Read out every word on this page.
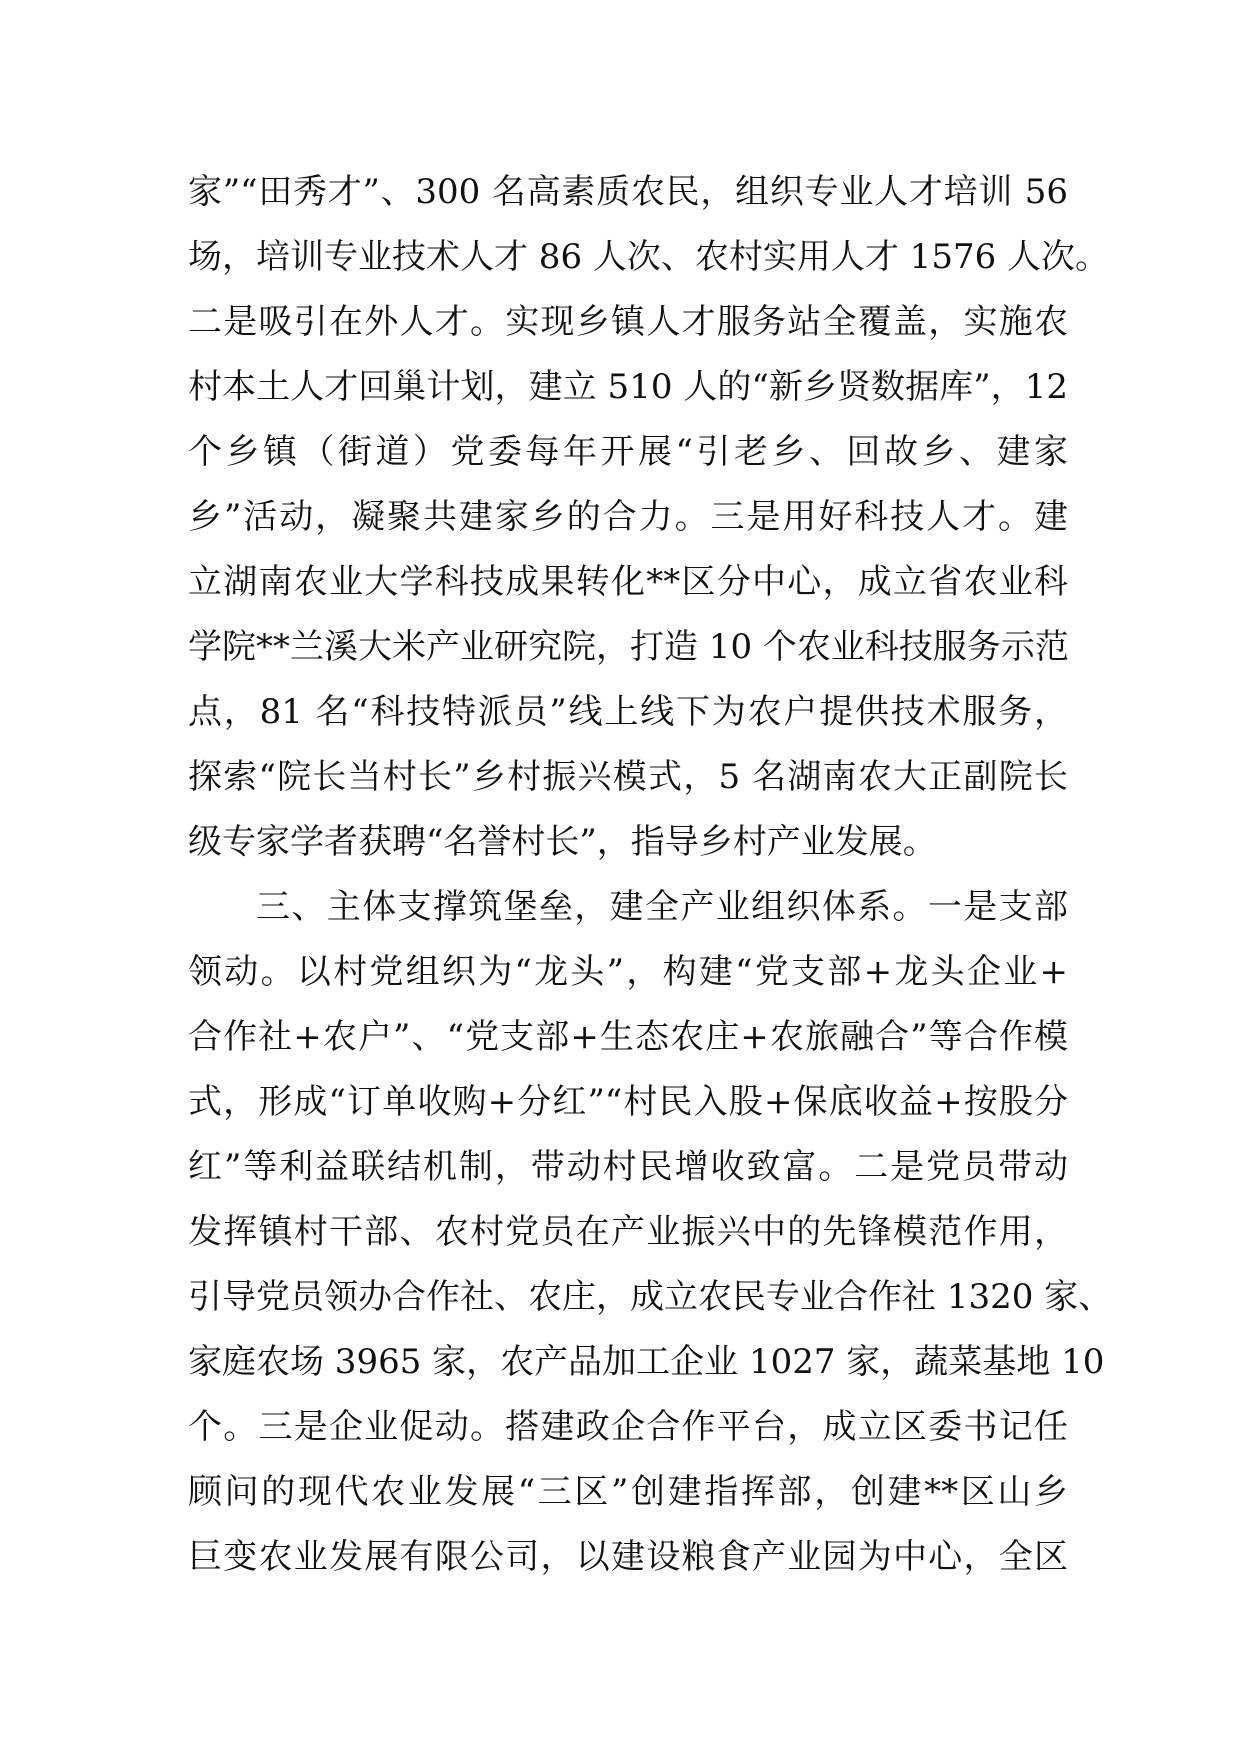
家”“田秀才”、300 名高素质农民，组织专业人才培训 56
场，培训专业技术人才 86 人次、农村实用人才 1576 人次。
二是吸引在外人才。实现乡镇人才服务站全覆盖，实施农
村本土人才回巢计划，建立 510 人的“新乡贤数据库”，12
个乡镇（街道）党委每年开展“引老乡、回故乡、建家
乡”活动，凝聚共建家乡的合力。三是用好科技人才。建
立湖南农业大学科技成果转化**区分中心，成立省农业科
学院**兰溪大米产业研究院，打造 10 个农业科技服务示范
点，81 名“科技特派员”线上线下为农户提供技术服务，
探索“院长当村长”乡村振兴模式，5 名湖南农大正副院长
级专家学者获聘“名誉村长”，指导乡村产业发展。
三、主体支撑筑堡垒，建全产业组织体系。一是支部
领动。以村党组织为“龙头”，构建“党支部+龙头企业+
合作社+农户”、“党支部+生态农庄+农旅融合”等合作模
式，形成“订单收购+分红”“村民入股+保底收益+按股分
红”等利益联结机制，带动村民增收致富。二是党员带动
发挥镇村干部、农村党员在产业振兴中的先锋模范作用，
引导党员领办合作社、农庄，成立农民专业合作社 1320 家、
家庭农场 3965 家，农产品加工企业 1027 家，蔬菜基地 10
个。三是企业促动。搭建政企合作平台，成立区委书记任
顾问的现代农业发展“三区”创建指挥部，创建**区山乡
巨变农业发展有限公司，以建设粮食产业园为中心，全区
